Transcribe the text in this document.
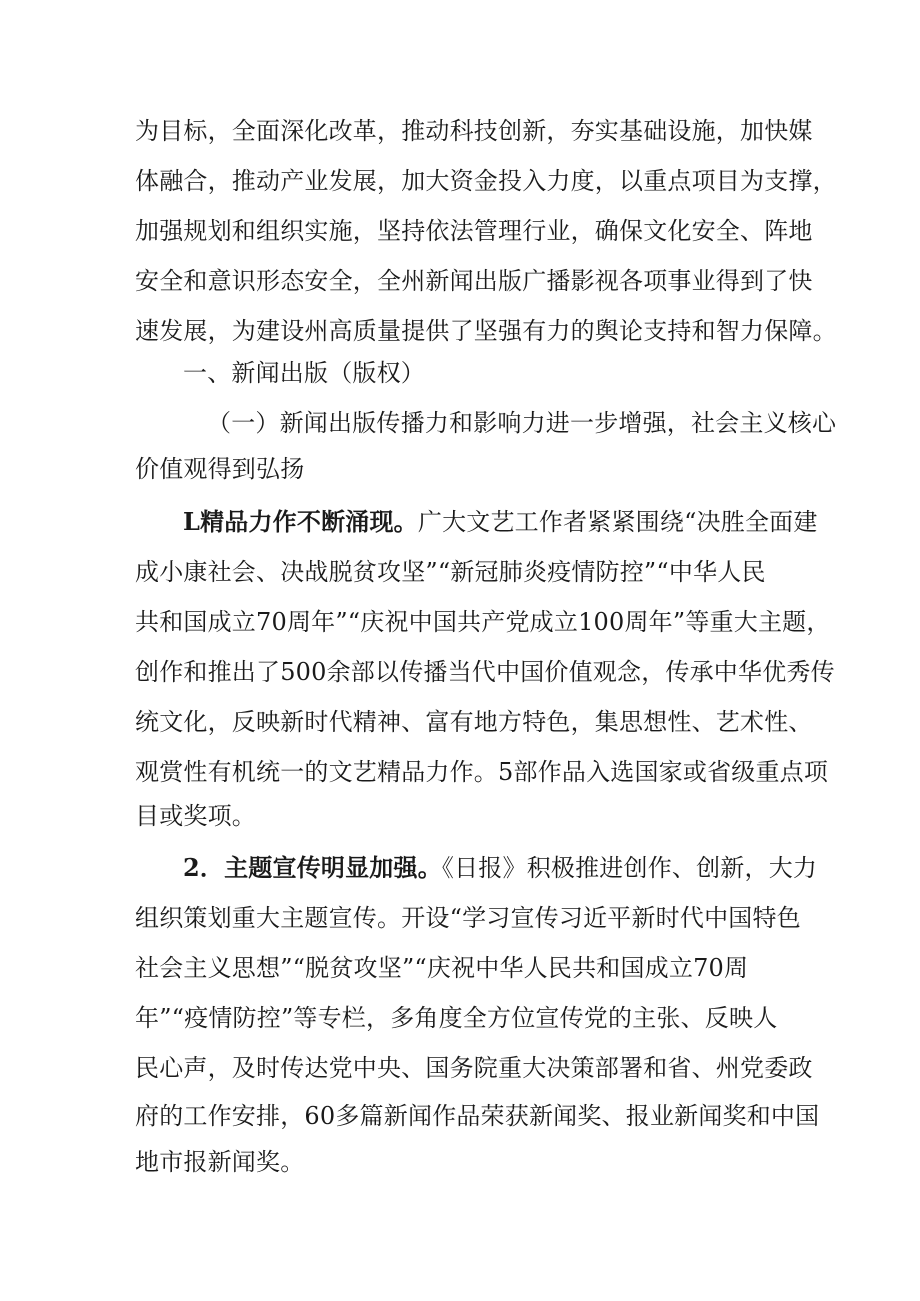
为目标，全面深化改革，推动科技创新，夯实基础设施，加快媒
体融合，推动产业发展，加大资金投入力度，以重点项目为支撑，
加强规划和组织实施，坚持依法管理行业，确保文化安全、阵地
安全和意识形态安全，全州新闻出版广播影视各项事业得到了快
速发展，为建设州高质量提供了坚强有力的舆论支持和智力保障。
一、新闻出版（版权）
（一）新闻出版传播力和影响力进一步增强，社会主义核心
价值观得到弘扬
L精品力作不断涌现。广大文艺工作者紧紧围绕“决胜全面建
成小康社会、决战脱贫攻坚”“新冠肺炎疫情防控”“中华人民
共和国成立70周年”“庆祝中国共产党成立100周年”等重大主题，
创作和推出了500余部以传播当代中国价值观念，传承中华优秀传
统文化，反映新时代精神、富有地方特色，集思想性、艺术性、
观赏性有机统一的文艺精品力作。5部作品入选国家或省级重点项
目或奖项。
2．主题宣传明显加强。《日报》积极推进创作、创新，大力
组织策划重大主题宣传。开设“学习宣传习近平新时代中国特色
社会主义思想”“脱贫攻坚”“庆祝中华人民共和国成立70周
年”“疫情防控”等专栏，多角度全方位宣传党的主张、反映人
民心声，及时传达党中央、国务院重大决策部署和省、州党委政
府的工作安排，60多篇新闻作品荣获新闻奖、报业新闻奖和中国
地市报新闻奖。
